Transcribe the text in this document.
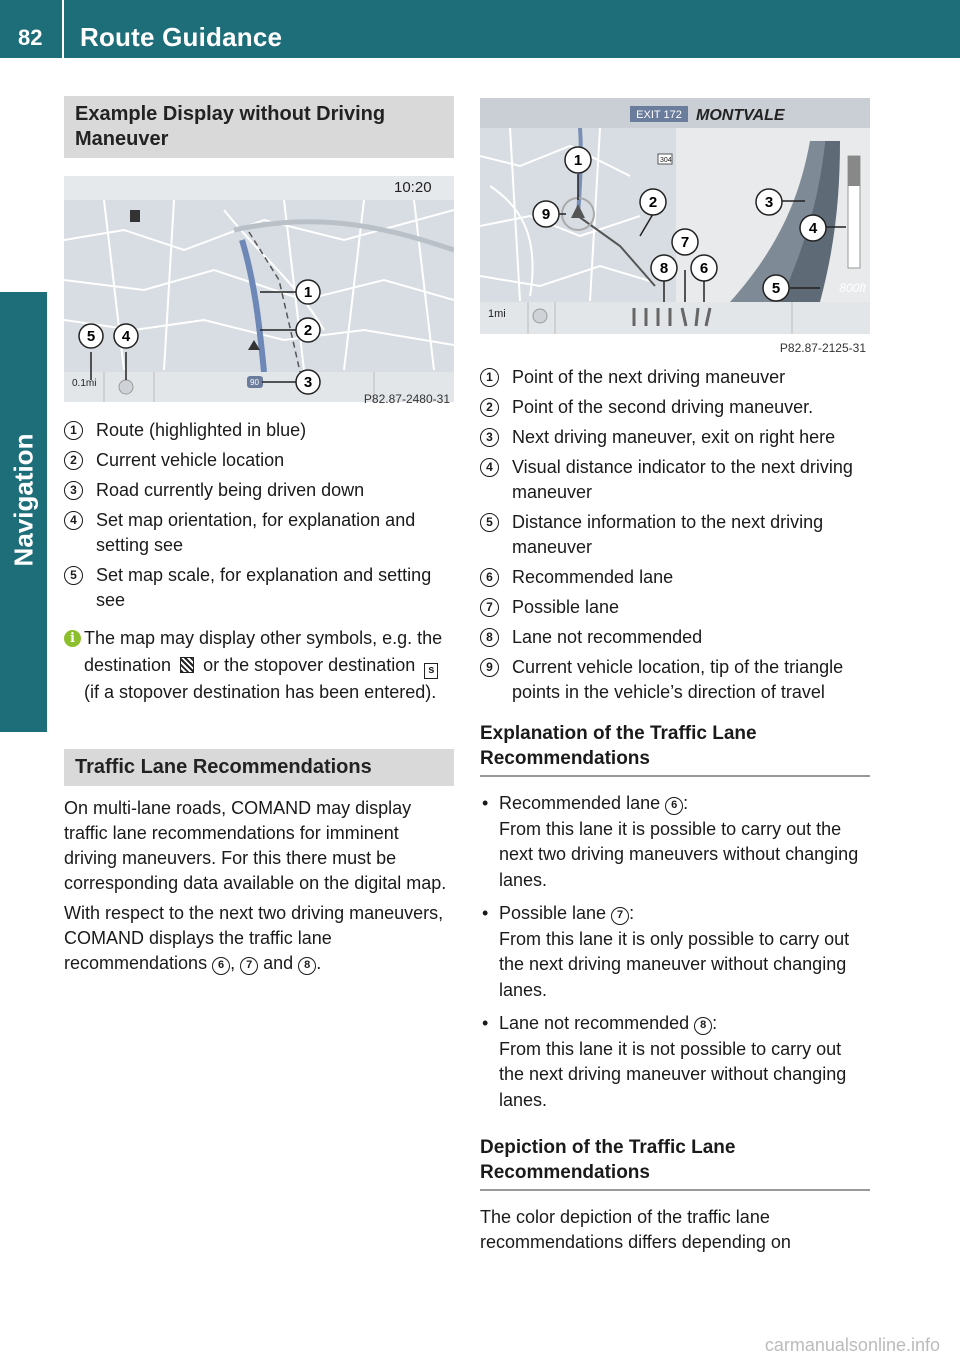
82 Route Guidance
Navigation
Example Display without Driving Maneuver
10:20
0.1mi	90
1
2
3
4
5
P82.87-2480-31
1	Route (highlighted in blue)
2	Current vehicle location
3	Road currently being driven down
4	Set map orientation, for explanation and setting see
5	Set map scale, for explanation and setting see
i The map may display other symbols, e.g. the destination or the stopover destination s (if a stopover destination has been entered).
Traffic Lane Recommendations

On multi-lane roads, COMAND may display traffic lane recommendations for imminent driving maneuvers. For this there must be corresponding data available on the digital map.

With respect to the next two driving maneuvers, COMAND displays the traffic lane recommendations 6 , 7 and 8 .

EXIT 172 MONTVALE
304
800ft
1mi
1
2	3
4
5
6
7
8
9
P82.87-2125-31
1	Point of the next driving maneuver
2	Point of the second driving maneuver.
3	Next driving maneuver, exit on right here
4	Visual distance indicator to the next driving maneuver
5	Distance information to the next driving maneuver
6	Recommended lane
7	Possible lane
8	Lane not recommended
9	Current vehicle location, tip of the triangle points in the vehicle’s direction of travel
Explanation of the Traffic Lane Recommendations
• Recommended lane 6 :
From this lane it is possible to carry out the next two driving maneuvers without changing lanes.
• Possible lane 7 :
From this lane it is only possible to carry out the next driving maneuver without changing lanes.
• Lane not recommended 8 :
From this lane it is not possible to carry out the next driving maneuver without changing lanes.
Depiction of the Traffic Lane Recommendations

The color depiction of the traffic lane recommendations differs depending on

carmanualsonline.info
